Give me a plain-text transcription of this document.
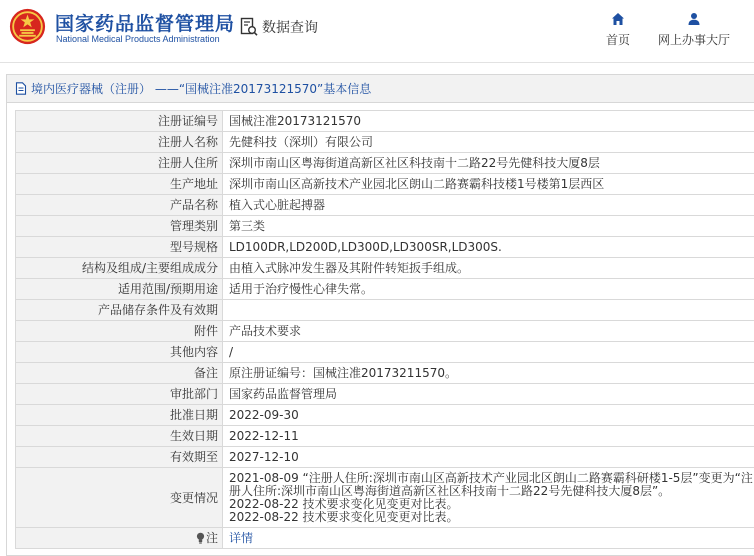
国家药品监督管理局
National Medical Products Administration
数据查询
首页	网上办事大厅
境内医疗器械（注册） ——“国械注准20173121570”基本信息
注册证编号	国械注准20173121570
注册人名称	先健科技（深圳）有限公司
注册人住所	深圳市南山区粤海街道高新区社区科技南十二路22号先健科技大厦8层
生产地址	深圳市南山区高新技术产业园北区朗山二路赛霸科技楼1号楼第1层西区
产品名称	植入式心脏起搏器
管理类别	第三类
型号规格	LD100DR,LD200D,LD300D,LD300SR,LD300S.
结构及组成/主要组成成分	由植入式脉冲发生器及其附件转矩扳手组成。
适用范围/预期用途	适用于治疗慢性心律失常。
产品储存条件及有效期	
附件	产品技术要求
其他内容	/
备注	原注册证编号：国械注准20173211570。
审批部门	国家药品监督管理局
批准日期	2022-09-30
生效日期	2022-12-11
有效期至	2027-12-10
变更情况	2021-08-09 “注册人住所:深圳市南山区高新技术产业园北区朗山二路赛霸科研楼1-5层”变更为“注册人住所:深圳市南山区粤海街道高新区社区科技南十二路22号先健科技大厦8层”。
2022-08-22 技术要求变化见变更对比表。
2022-08-22 技术要求变化见变更对比表。

注	详情
